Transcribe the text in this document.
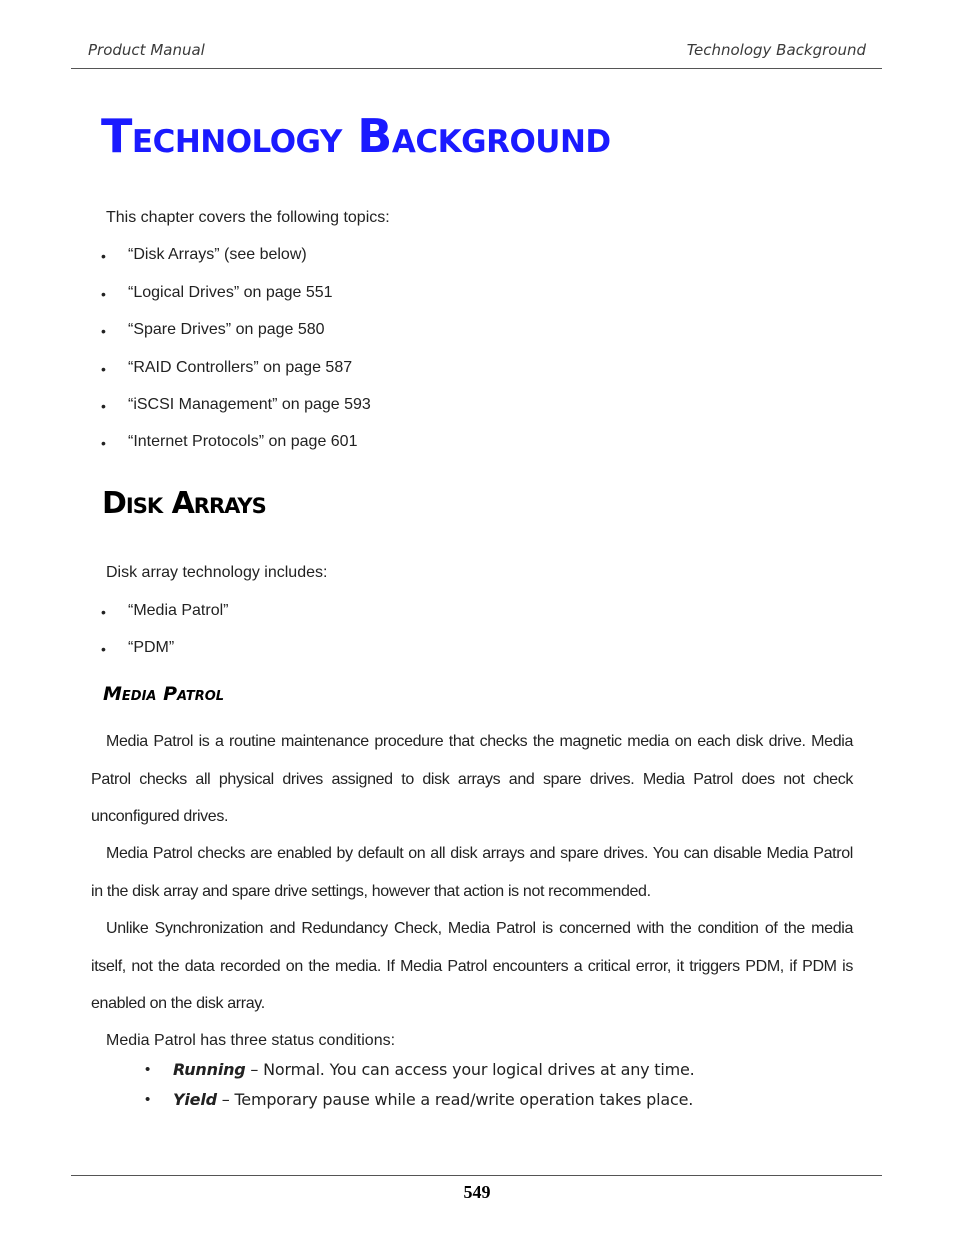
Product Manual	Technology Background
TECHNOLOGY BACKGROUND
This chapter covers the following topics:
• “Disk Arrays” (see below)
• “Logical Drives” on page 551
• “Spare Drives” on page 580
• “RAID Controllers” on page 587
• “iSCSI Management” on page 593
• “Internet Protocols” on page 601
DISK ARRAYS
Disk array technology includes:
• “Media Patrol”
• “PDM”
MEDIA PATROL

Media Patrol is a routine maintenance procedure that checks the magnetic media on each disk drive. Media Patrol checks all physical drives assigned to disk arrays and spare drives. Media Patrol does not check unconfigured drives.

Media Patrol checks are enabled by default on all disk arrays and spare drives. You can disable Media Patrol in the disk array and spare drive settings, however that action is not recommended.

Unlike Synchronization and Redundancy Check, Media Patrol is concerned with the condition of the media itself, not the data recorded on the media. If Media Patrol encounters a critical error, it triggers PDM, if PDM is enabled on the disk array.

Media Patrol has three status conditions:
• Running – Normal. You can access your logical drives at any time.
• Yield – Temporary pause while a read/write operation takes place.
549
